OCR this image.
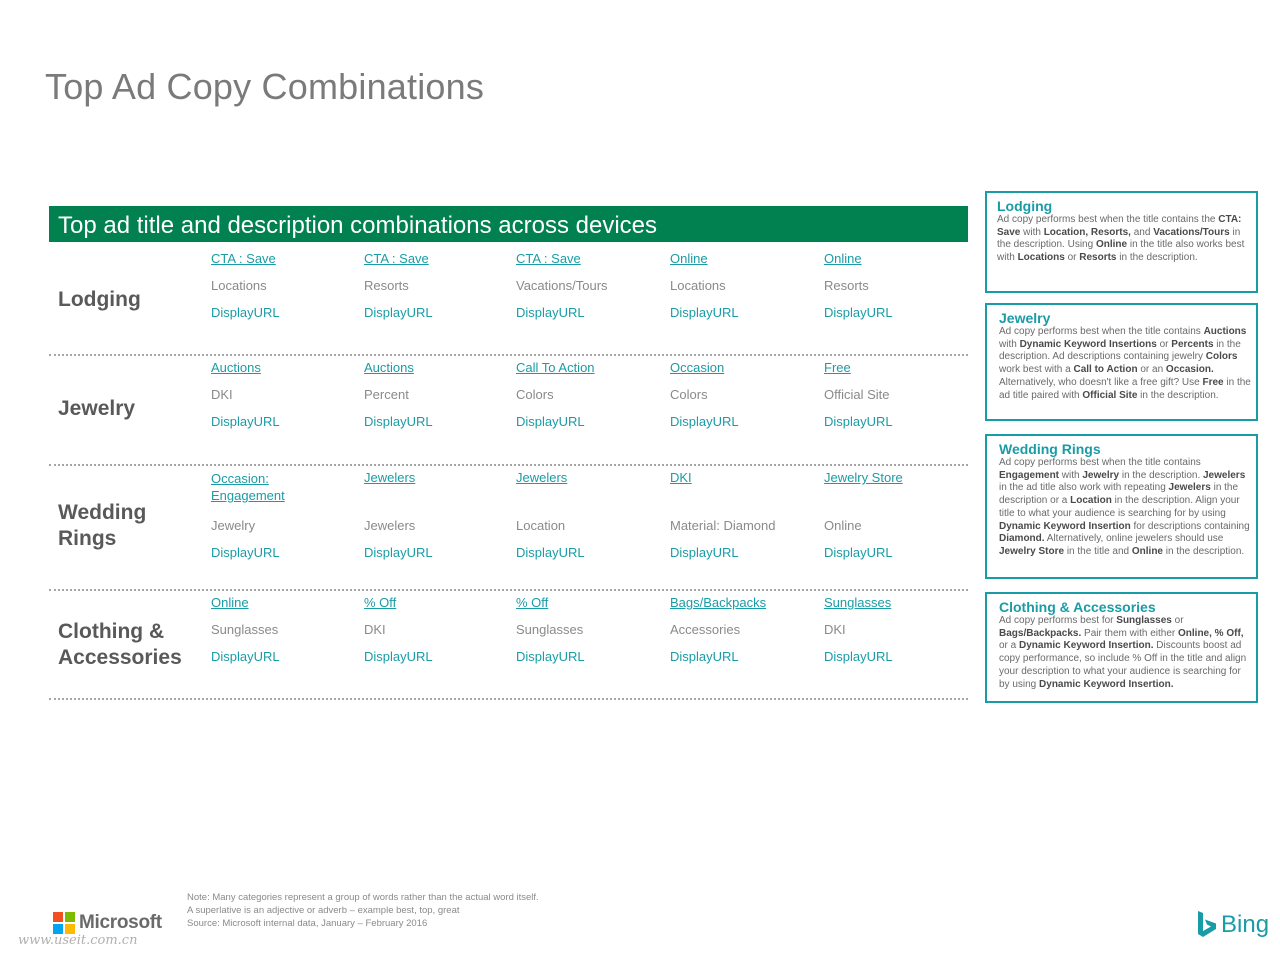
Top Ad Copy Combinations
Top ad title and description combinations across devices
Lodging
CTA : Save
Locations
DisplayURL
CTA : Save
Resorts
DisplayURL
CTA : Save
Vacations/Tours
DisplayURL
Online
Locations
DisplayURL
Online
Resorts
DisplayURL
Jewelry
Auctions
DKI
DisplayURL
Auctions
Percent
DisplayURL
Call To Action
Colors
DisplayURL
Occasion
Colors
DisplayURL
Free
Official Site
DisplayURL
Wedding Rings
Occasion: Engagement
Jewelry
DisplayURL
Jewelers
Jewelers
DisplayURL
Jewelers
Location
DisplayURL
DKI
Material: Diamond
DisplayURL
Jewelry Store
Online
DisplayURL
Clothing & Accessories
Online
Sunglasses
DisplayURL
% Off
DKI
DisplayURL
% Off
Sunglasses
DisplayURL
Bags/Backpacks
Accessories
DisplayURL
Sunglasses
DKI
DisplayURL
Lodging

Ad copy performs best when the title contains the CTA: Save with Location, Resorts, and Vacations/Tours in the description. Using Online in the title also works best with Locations or Resorts in the description.

Jewelry

Ad copy performs best when the title contains Auctions with Dynamic Keyword Insertions or Percents in the description. Ad descriptions containing jewelry Colors work best with a Call to Action or an Occasion. Alternatively, who doesn't like a free gift? Use Free in the ad title paired with Official Site in the description.

Wedding Rings

Ad copy performs best when the title contains Engagement with Jewelry in the description. Jewelers in the ad title also work with repeating Jewelers in the description or a Location in the description. Align your title to what your audience is searching for by using Dynamic Keyword Insertion for descriptions containing Diamond. Alternatively, online jewelers should use Jewelry Store in the title and Online in the description.

Clothing & Accessories

Ad copy performs best for Sunglasses or Bags/Backpacks. Pair them with either Online, % Off, or a Dynamic Keyword Insertion. Discounts boost ad copy performance, so include % Off in the title and align your description to what your audience is searching for by using Dynamic Keyword Insertion.

Note: Many categories represent a group of words rather than the actual word itself.
A superlative is an adjective or adverb – example best, top, great
Source: Microsoft internal data, January – February 2016
Microsoft
www.useit.com.cn
Bing
